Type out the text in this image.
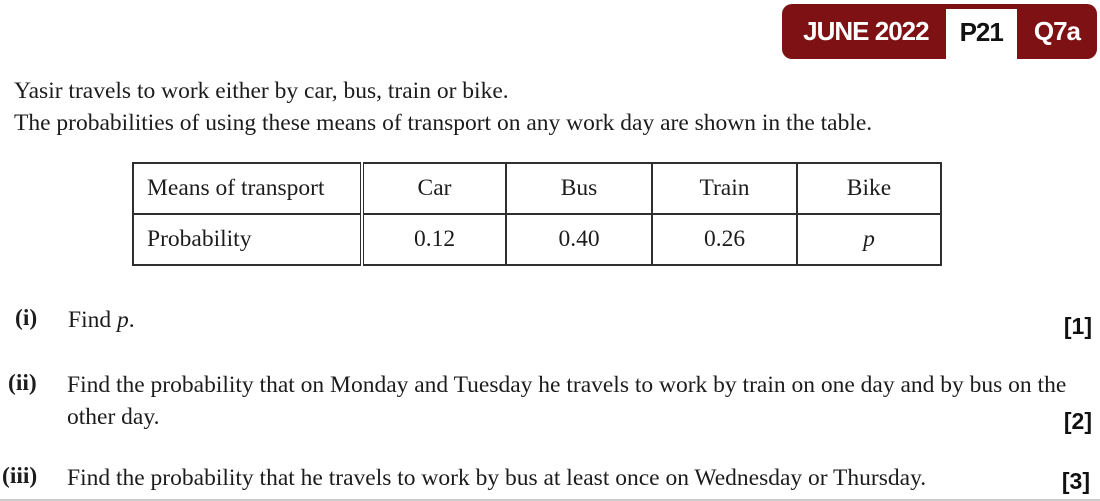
JUNE 2022	P21	Q7a
Yasir travels to work either by car, bus, train or bike.
The probabilities of using these means of transport on any work day are shown in the table.
Means of transport	Car	Bus	Train	Bike
Probability	0.12	0.40	0.26	p
(i) Find p.	[1]
(ii) Find the probability that on Monday and Tuesday he travels to work by train on one day and by bus on the other day.	[2]
(iii) Find the probability that he travels to work by bus at least once on Wednesday or Thursday.	[3]
